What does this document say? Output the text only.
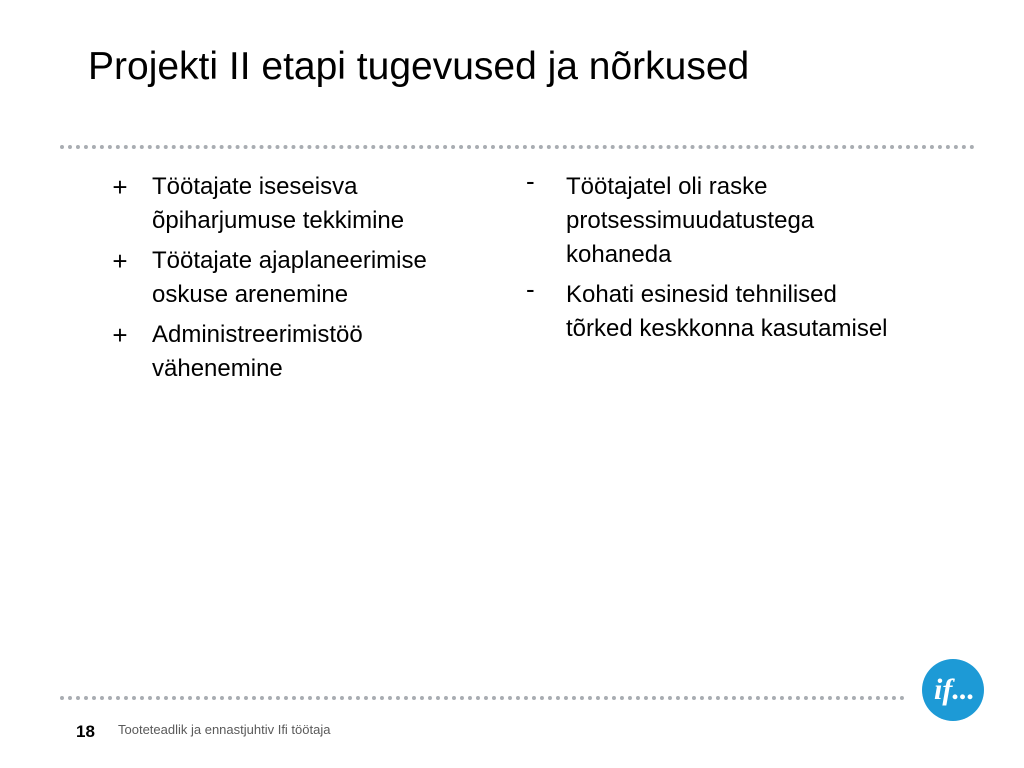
Projekti II etapi tugevused ja nõrkused
+ Töötajate iseseisva õpiharjumuse tekkimine
+ Töötajate ajaplaneerimise oskuse arenemine
+ Administreerimistöö vähenemine
-	Töötajatel oli raske protsessimuudatustega kohaneda
-	Kohati esinesid tehnilised tõrked keskkonna kasutamisel
if...
18 Tooteteadlik ja ennastjuhtiv Ifi töötaja
